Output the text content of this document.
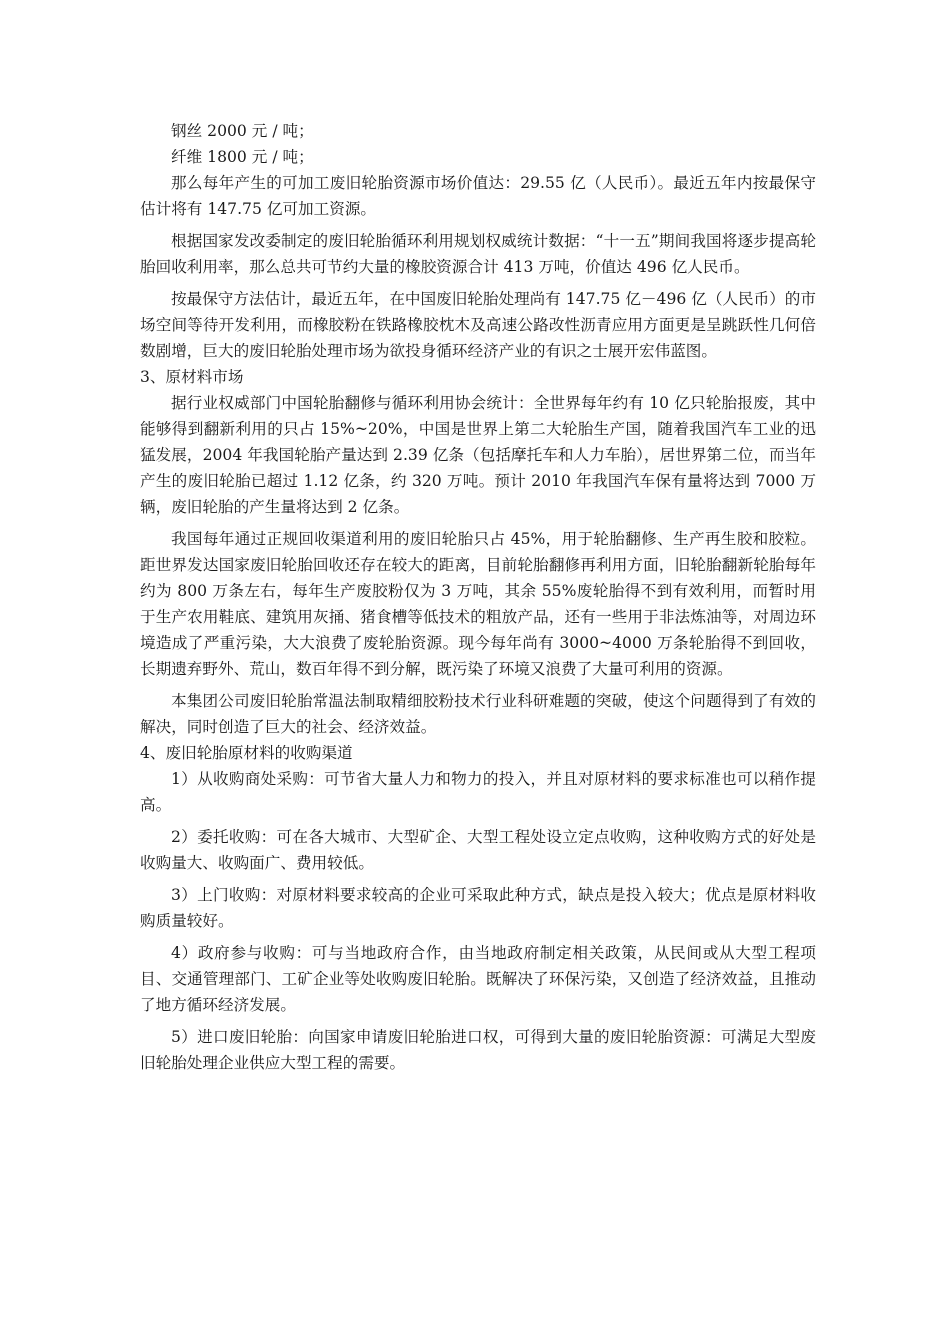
钢丝 2000 元 / 吨；

纤维 1800 元 / 吨；

那么每年产生的可加工废旧轮胎资源市场价值达：29.55 亿（人民币）。最近五年内按最保守估计将有 147.75 亿可加工资源。

根据国家发改委制定的废旧轮胎循环利用规划权威统计数据：“十一五”期间我国将逐步提高轮胎回收利用率，那么总共可节约大量的橡胶资源合计 413 万吨，价值达 496 亿人民币。

按最保守方法估计，最近五年，在中国废旧轮胎处理尚有 147.75 亿－496 亿（人民币）的市场空间等待开发利用，而橡胶粉在铁路橡胶枕木及高速公路改性沥青应用方面更是呈跳跃性几何倍数剧增，巨大的废旧轮胎处理市场为欲投身循环经济产业的有识之士展开宏伟蓝图。

3、原材料市场

据行业权威部门中国轮胎翻修与循环利用协会统计：全世界每年约有 10 亿只轮胎报废，其中能够得到翻新利用的只占 15%~20%，中国是世界上第二大轮胎生产国，随着我国汽车工业的迅猛发展，2004 年我国轮胎产量达到 2.39 亿条（包括摩托车和人力车胎），居世界第二位，而当年产生的废旧轮胎已超过 1.12 亿条，约 320 万吨。预计 2010 年我国汽车保有量将达到 7000 万辆，废旧轮胎的产生量将达到 2 亿条。

我国每年通过正规回收渠道利用的废旧轮胎只占 45%，用于轮胎翻修、生产再生胶和胶粒。距世界发达国家废旧轮胎回收还存在较大的距离，目前轮胎翻修再利用方面，旧轮胎翻新轮胎每年约为 800 万条左右，每年生产废胶粉仅为 3 万吨，其余 55%废轮胎得不到有效利用，而暂时用于生产农用鞋底、建筑用灰捅、猪食槽等低技术的粗放产品，还有一些用于非法炼油等，对周边环境造成了严重污染，大大浪费了废轮胎资源。现今每年尚有 3000~4000 万条轮胎得不到回收，长期遗弃野外、荒山，数百年得不到分解，既污染了环境又浪费了大量可利用的资源。

本集团公司废旧轮胎常温法制取精细胶粉技术行业科研难题的突破，使这个问题得到了有效的解决，同时创造了巨大的社会、经济效益。

4、废旧轮胎原材料的收购渠道

1）从收购商处采购：可节省大量人力和物力的投入，并且对原材料的要求标准也可以稍作提高。

2）委托收购：可在各大城市、大型矿企、大型工程处设立定点收购，这种收购方式的好处是收购量大、收购面广、费用较低。

3）上门收购：对原材料要求较高的企业可采取此种方式，缺点是投入较大；优点是原材料收购质量较好。

4）政府参与收购：可与当地政府合作，由当地政府制定相关政策，从民间或从大型工程项目、交通管理部门、工矿企业等处收购废旧轮胎。既解决了环保污染，又创造了经济效益，且推动了地方循环经济发展。

5）进口废旧轮胎：向国家申请废旧轮胎进口权，可得到大量的废旧轮胎资源：可满足大型废旧轮胎处理企业供应大型工程的需要。
